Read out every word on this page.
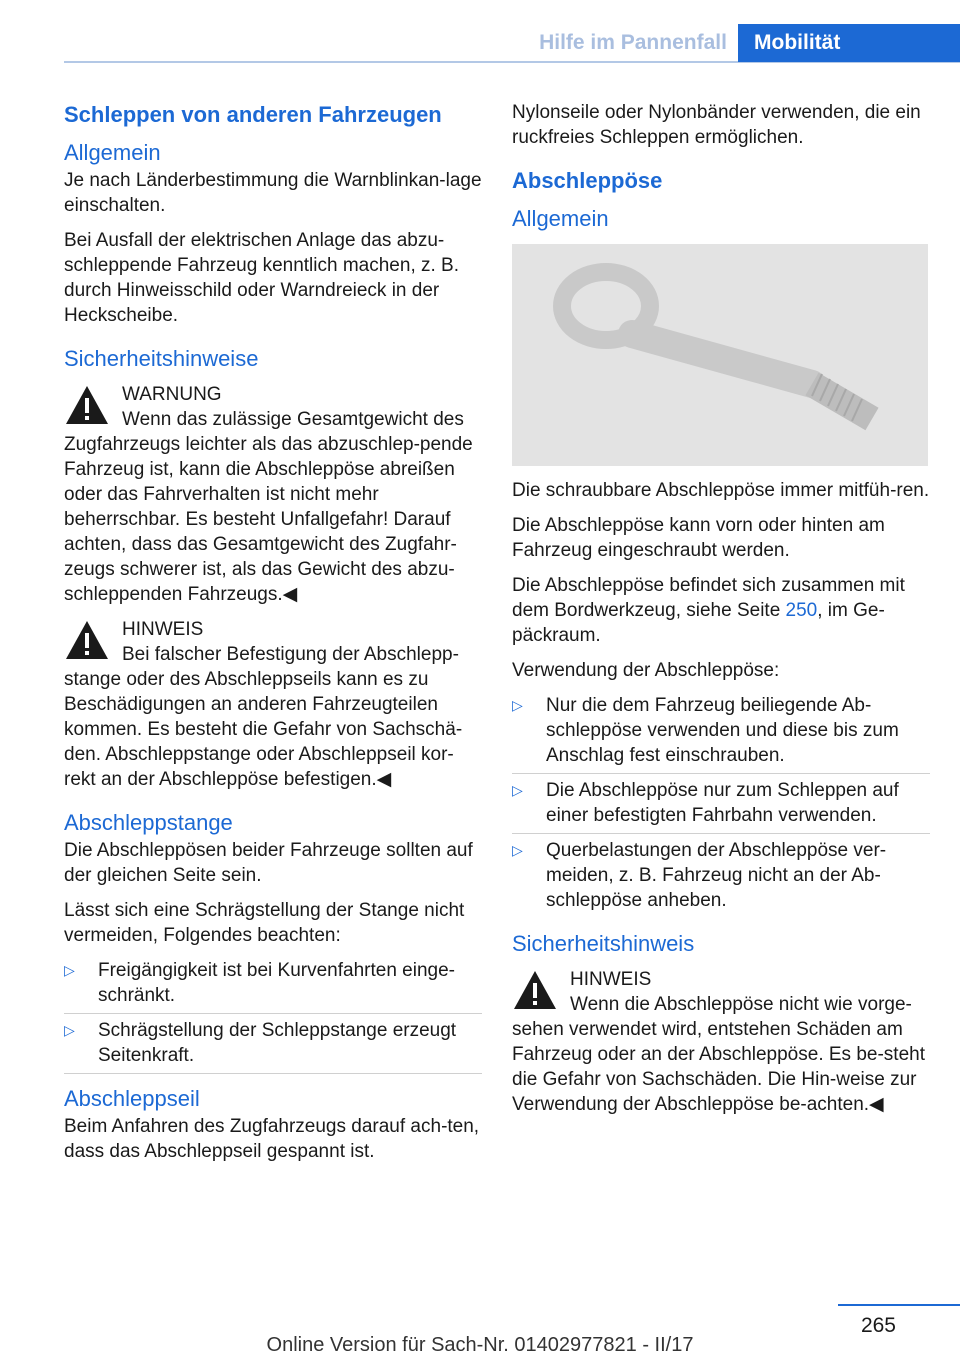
Hilfe im Pannenfall	Mobilität
Schleppen von anderen Fahrzeugen
Allgemein

Je nach Länderbestimmung die Warnblinkan-lage einschalten.

Bei Ausfall der elektrischen Anlage das abzu-schleppende Fahrzeug kenntlich machen, z. B. durch Hinweisschild oder Warndreieck in der Heckscheibe.

Sicherheitshinweise

WARNUNG

Wenn das zulässige Gesamtgewicht des Zugfahrzeugs leichter als das abzuschlep-pende Fahrzeug ist, kann die Abschleppöse abreißen oder das Fahrverhalten ist nicht mehr beherrschbar. Es besteht Unfallgefahr! Darauf achten, dass das Gesamtgewicht des Zugfahr-zeugs schwerer ist, als das Gewicht des abzu-schleppenden Fahrzeugs.◀

HINWEIS

Bei falscher Befestigung der Abschlepp-stange oder des Abschleppseils kann es zu Beschädigungen an anderen Fahrzeugteilen kommen. Es besteht die Gefahr von Sachschä-den. Abschleppstange oder Abschleppseil kor-rekt an der Abschleppöse befestigen.◀

Abschleppstange

Die Abschleppösen beider Fahrzeuge sollten auf der gleichen Seite sein.

Lässt sich eine Schrägstellung der Stange nicht vermeiden, Folgendes beachten:

▷ Freigängigkeit ist bei Kurvenfahrten einge-schränkt.
▷ Schrägstellung der Schleppstange erzeugt Seitenkraft.
Abschleppseil

Beim Anfahren des Zugfahrzeugs darauf ach-ten, dass das Abschleppseil gespannt ist.

Nylonseile oder Nylonbänder verwenden, die ein ruckfreies Schleppen ermöglichen.

Abschleppöse
Allgemein

Die schraubbare Abschleppöse immer mitfüh-ren.

Die Abschleppöse kann vorn oder hinten am Fahrzeug eingeschraubt werden.

Die Abschleppöse befindet sich zusammen mit dem Bordwerkzeug, siehe Seite 250, im Ge-päckraum.

Verwendung der Abschleppöse:

▷ Nur die dem Fahrzeug beiliegende Ab-schleppöse verwenden und diese bis zum Anschlag fest einschrauben.
▷ Die Abschleppöse nur zum Schleppen auf einer befestigten Fahrbahn verwenden.
▷ Querbelastungen der Abschleppöse ver-meiden, z. B. Fahrzeug nicht an der Ab-schleppöse anheben.
Sicherheitshinweis

HINWEIS

Wenn die Abschleppöse nicht wie vorge-sehen verwendet wird, entstehen Schäden am Fahrzeug oder an der Abschleppöse. Es be-steht die Gefahr von Sachschäden. Die Hin-weise zur Verwendung der Abschleppöse be-achten.◀

265
Online Version für Sach-Nr. 01402977821 - II/17
